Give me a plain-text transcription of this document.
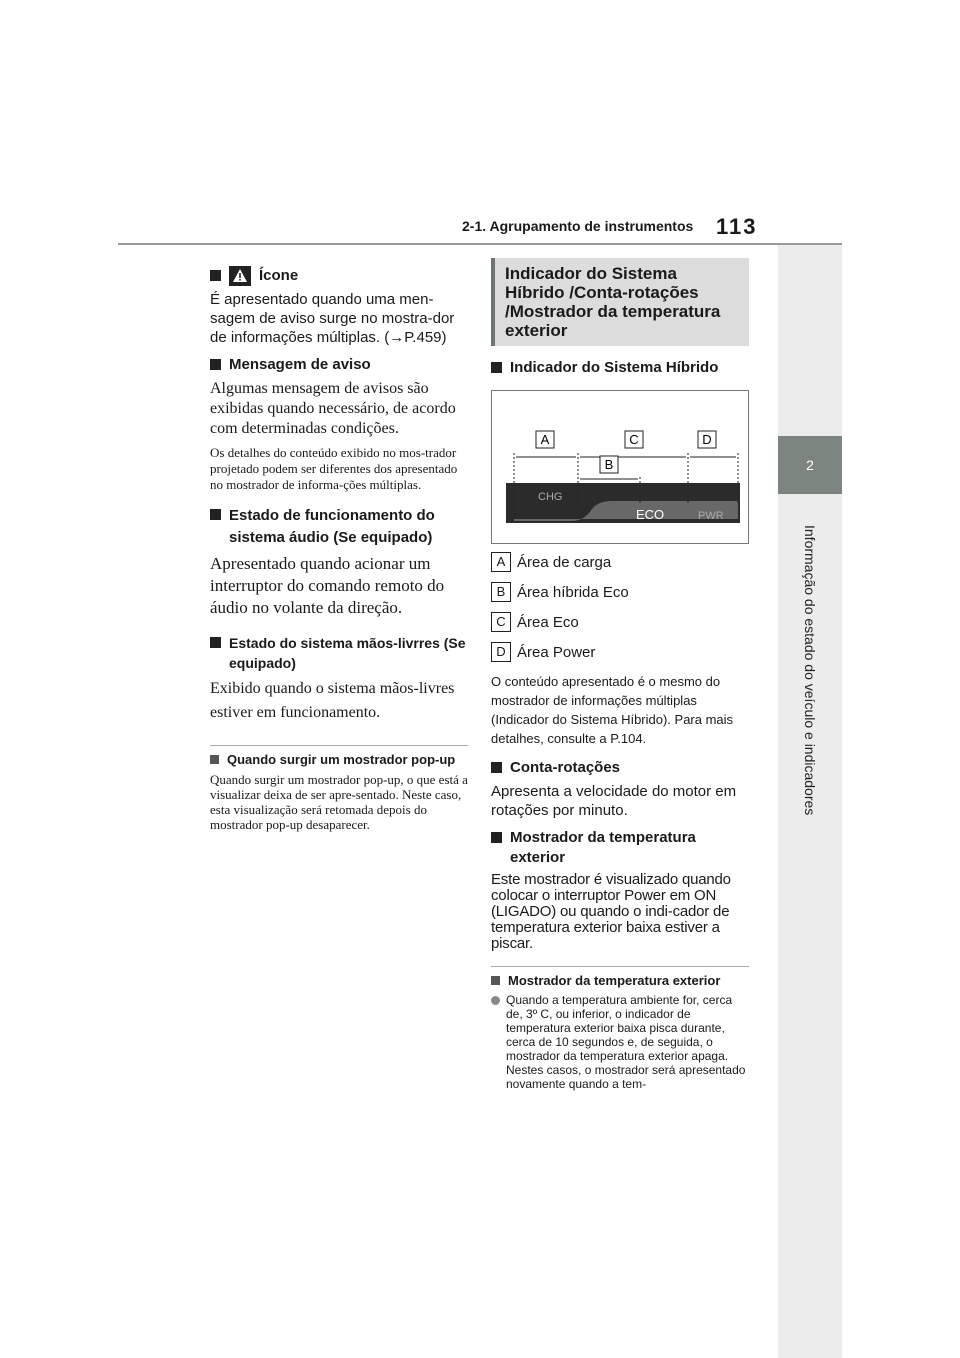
2-1. Agrupamento de instrumentos 113
2
Informação do estado do veículo e indicadores
Ícone
É apresentado quando uma men-sagem de aviso surge no mostra-dor de informações múltiplas. (→P.459)
Mensagem de aviso
Algumas mensagem de avisos são exibidas quando necessário, de acordo com determinadas condições.
Os detalhes do conteúdo exibido no mos-trador projetado podem ser diferentes dos apresentado no mostrador de informa-ções múltiplas.
Estado de funcionamento do sistema áudio (Se equipado)
Apresentado quando acionar um interruptor do comando remoto do áudio no volante da direção.
Estado do sistema mãos-livrres (Se equipado)
Exibido quando o sistema mãos-livres estiver em funcionamento.
Quando surgir um mostrador pop-up
Quando surgir um mostrador pop-up, o que está a visualizar deixa de ser apre-sentado. Neste caso, esta visualização será retomada depois do mostrador pop-up desaparecer.
Indicador do Sistema Híbrido /Conta-rotações /Mostrador da temperatura exterior
Indicador do Sistema Híbrido
A
B
C	D
CHG
ECO	PWR
A Área de carga
B Área híbrida Eco
C Área Eco
D Área Power
O conteúdo apresentado é o mesmo do mostrador de informações múltiplas (Indicador do Sistema Híbrido). Para mais detalhes, consulte a P.104.
Conta-rotações
Apresenta a velocidade do motor em rotações por minuto.
Mostrador da temperatura exterior
Este mostrador é visualizado quando colocar o interruptor Power em ON (LIGADO) ou quando o indi-cador de temperatura exterior baixa estiver a piscar.
Mostrador da temperatura exterior
Quando a temperatura ambiente for, cerca de, 3º C, ou inferior, o indicador de temperatura exterior baixa pisca durante, cerca de 10 segundos e, de seguida, o mostrador da temperatura exterior apaga. Nestes casos, o mostrador será apresentado novamente quando a tem-
